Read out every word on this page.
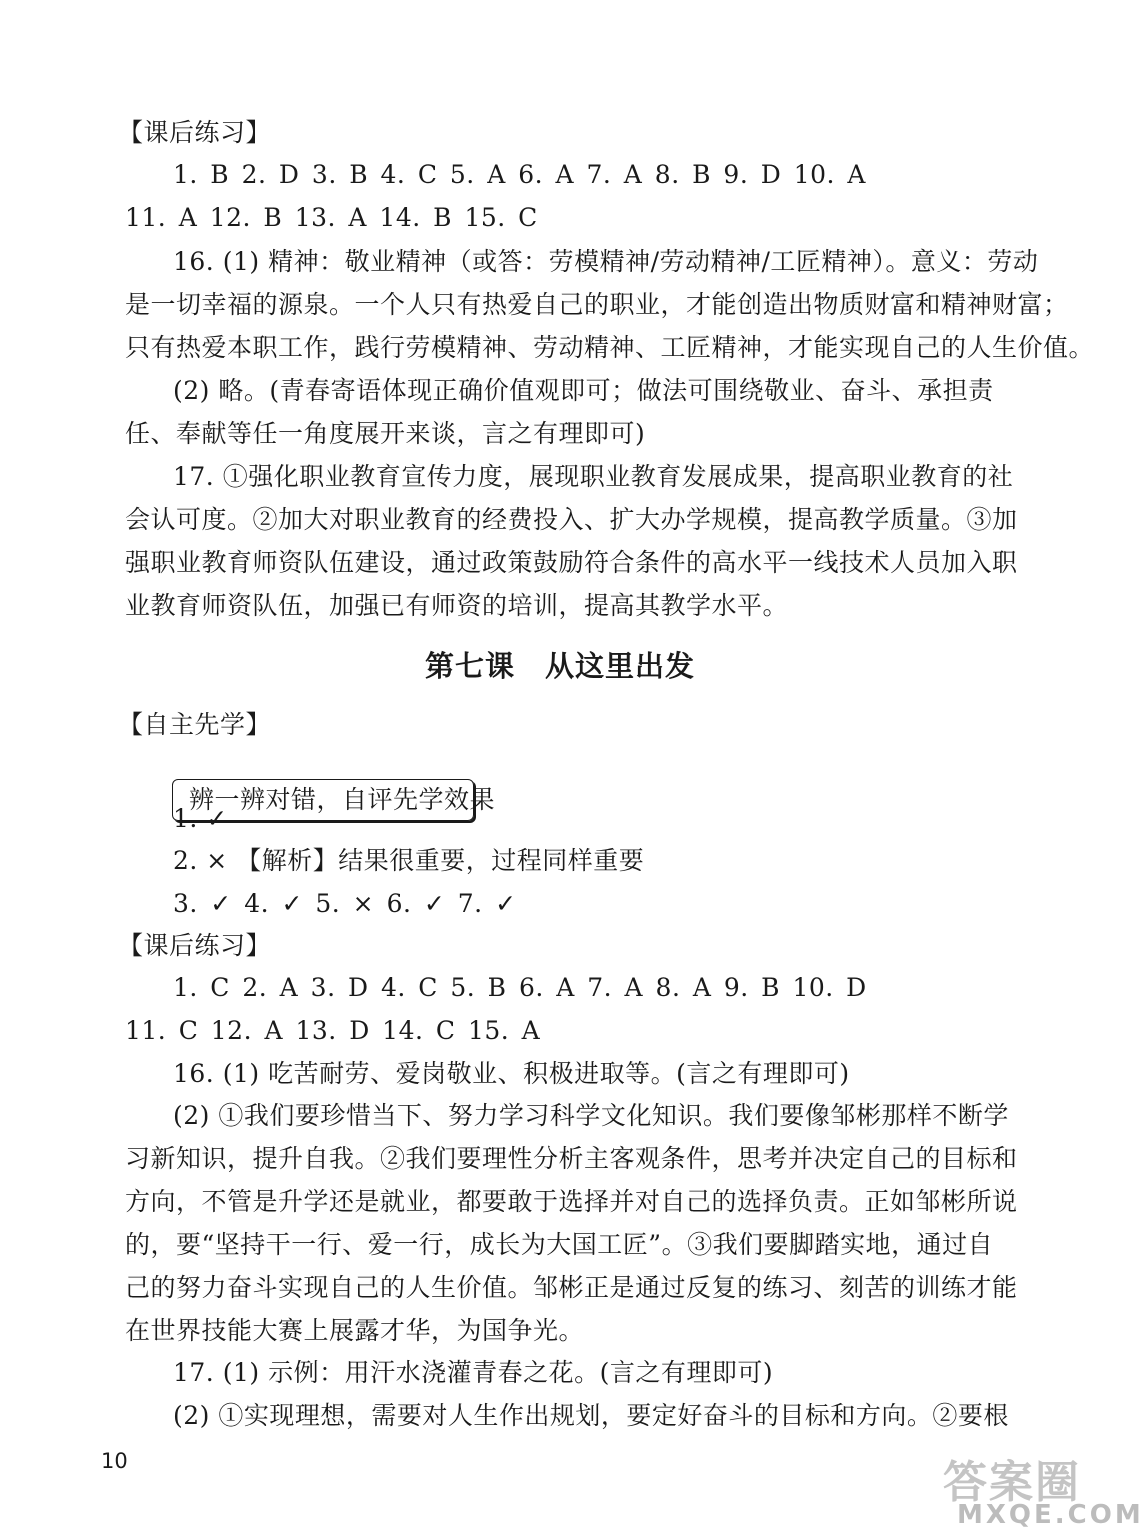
【课后练习】
1. B 2. D 3. B 4. C 5. A 6. A 7. A 8. B 9. D 10. A
11. A 12. B 13. A 14. B 15. C
16. (1) 精神：敬业精神（或答：劳模精神/劳动精神/工匠精神）。意义：劳动
是一切幸福的源泉。一个人只有热爱自己的职业，才能创造出物质财富和精神财富；
只有热爱本职工作，践行劳模精神、劳动精神、工匠精神，才能实现自己的人生价值。
(2) 略。(青春寄语体现正确价值观即可；做法可围绕敬业、奋斗、承担责
任、奉献等任一角度展开来谈，言之有理即可)
17. ①强化职业教育宣传力度，展现职业教育发展成果，提高职业教育的社
会认可度。②加大对职业教育的经费投入、扩大办学规模，提高教学质量。③加
强职业教育师资队伍建设，通过政策鼓励符合条件的高水平一线技术人员加入职
业教育师资队伍，加强已有师资的培训，提高其教学水平。
第七课　从这里出发
【自主先学】
辨一辨对错，自评先学效果
1. ✓
2. × 【解析】结果很重要，过程同样重要
3. ✓ 4. ✓ 5. × 6. ✓ 7. ✓
【课后练习】
1. C 2. A 3. D 4. C 5. B 6. A 7. A 8. A 9. B 10. D
11. C 12. A 13. D 14. C 15. A
16. (1) 吃苦耐劳、爱岗敬业、积极进取等。(言之有理即可)
(2) ①我们要珍惜当下、努力学习科学文化知识。我们要像邹彬那样不断学
习新知识，提升自我。②我们要理性分析主客观条件，思考并决定自己的目标和
方向，不管是升学还是就业，都要敢于选择并对自己的选择负责。正如邹彬所说
的，要“坚持干一行、爱一行，成长为大国工匠”。③我们要脚踏实地，通过自
己的努力奋斗实现自己的人生价值。邹彬正是通过反复的练习、刻苦的训练才能
在世界技能大赛上展露才华，为国争光。
17. (1) 示例：用汗水浇灌青春之花。(言之有理即可)
(2) ①实现理想，需要对人生作出规划，要定好奋斗的目标和方向。②要根
10	答案圈
MXQE.COM
